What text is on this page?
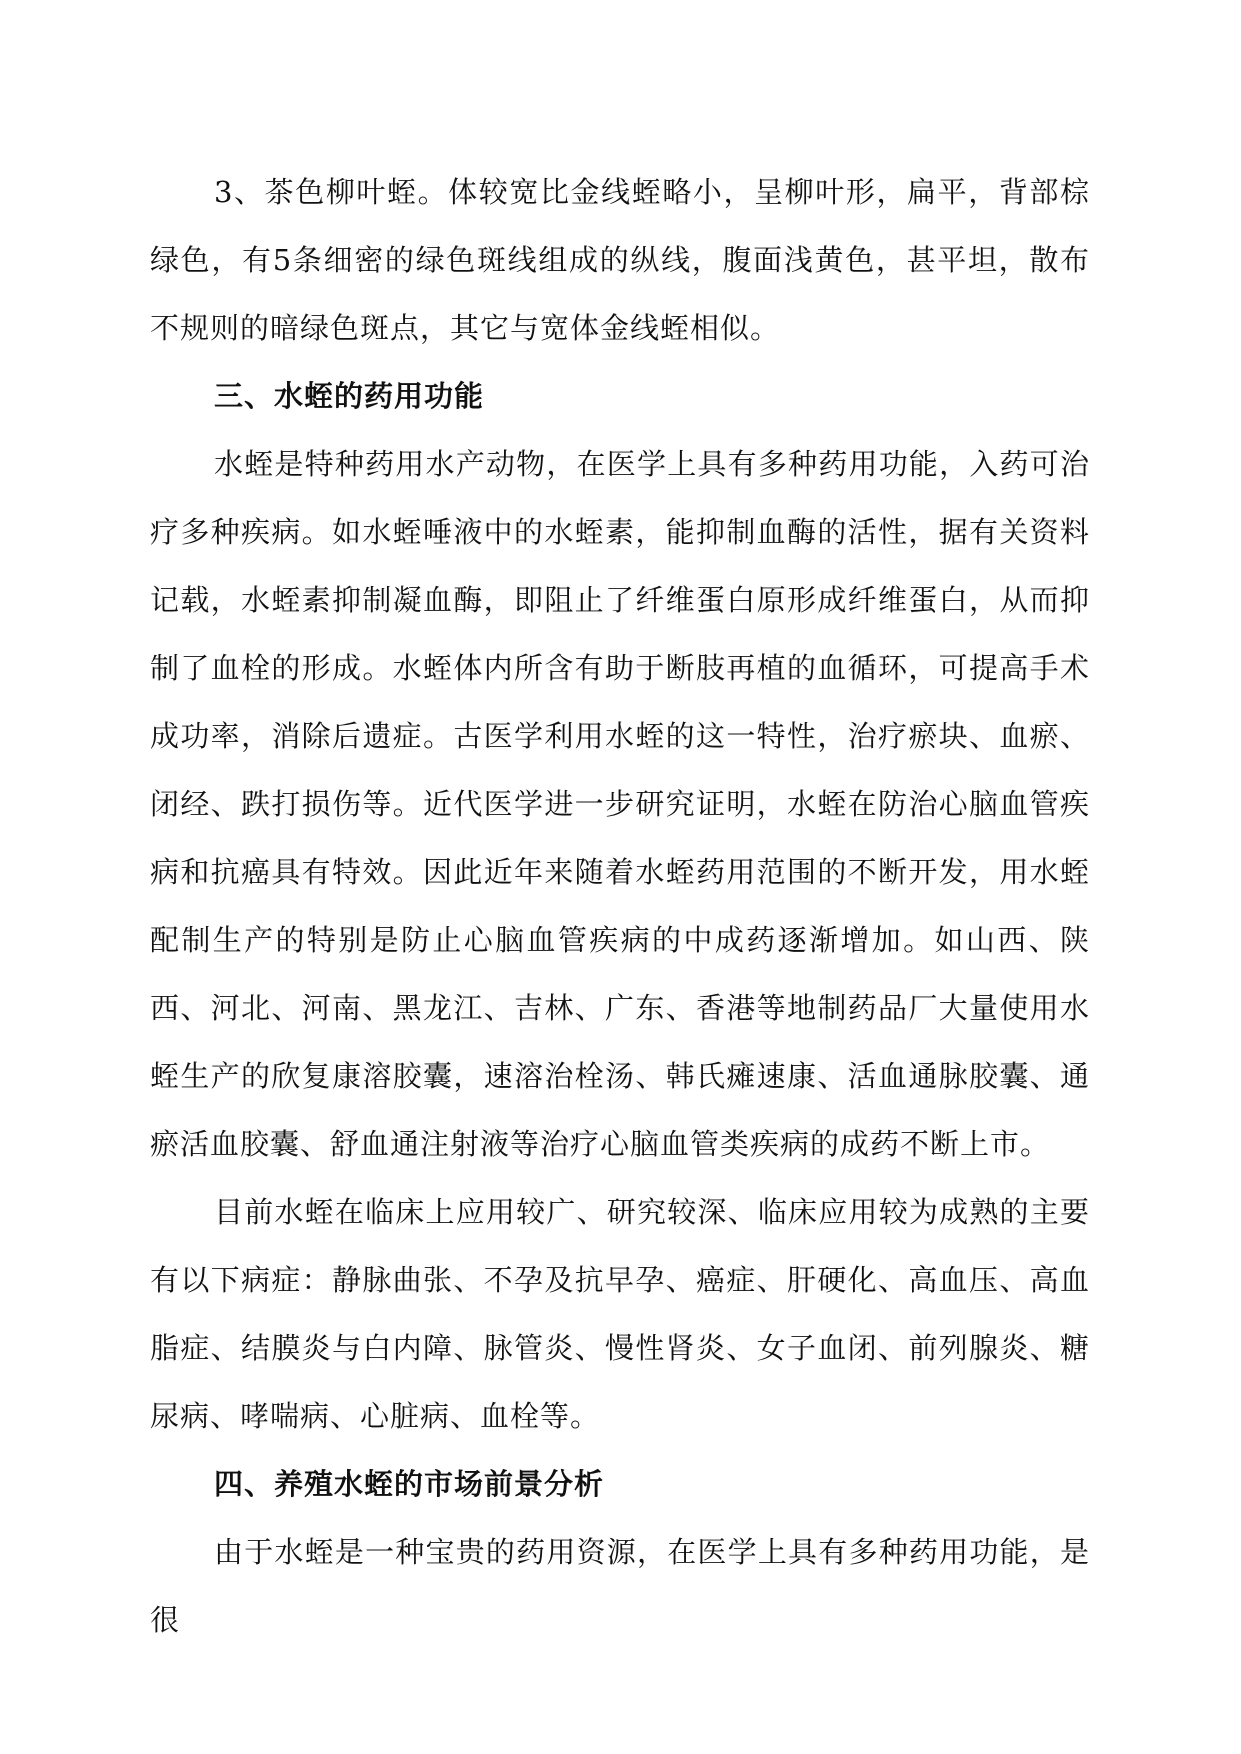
3、茶色柳叶蛭。体较宽比金线蛭略小，呈柳叶形，扁平，背部棕绿色，有5条细密的绿色斑线组成的纵线，腹面浅黄色，甚平坦，散布不规则的暗绿色斑点，其它与宽体金线蛭相似。

三、水蛭的药用功能

水蛭是特种药用水产动物，在医学上具有多种药用功能，入药可治疗多种疾病。如水蛭唾液中的水蛭素，能抑制血酶的活性，据有关资料记载，水蛭素抑制凝血酶，即阻止了纤维蛋白原形成纤维蛋白，从而抑制了血栓的形成。水蛭体内所含有助于断肢再植的血循环，可提高手术成功率，消除后遗症。古医学利用水蛭的这一特性，治疗瘀块、血瘀、闭经、跌打损伤等。近代医学进一步研究证明，水蛭在防治心脑血管疾病和抗癌具有特效。因此近年来随着水蛭药用范围的不断开发，用水蛭配制生产的特别是防止心脑血管疾病的中成药逐渐增加。如山西、陕西、河北、河南、黑龙江、吉林、广东、香港等地制药品厂大量使用水蛭生产的欣复康溶胶囊，速溶治栓汤、韩氏瘫速康、活血通脉胶囊、通瘀活血胶囊、舒血通注射液等治疗心脑血管类疾病的成药不断上市。

目前水蛭在临床上应用较广、研究较深、临床应用较为成熟的主要有以下病症：静脉曲张、不孕及抗早孕、癌症、肝硬化、高血压、高血脂症、结膜炎与白内障、脉管炎、慢性肾炎、女子血闭、前列腺炎、糖尿病、哮喘病、心脏病、血栓等。

四、养殖水蛭的市场前景分析

由于水蛭是一种宝贵的药用资源，在医学上具有多种药用功能，是很
